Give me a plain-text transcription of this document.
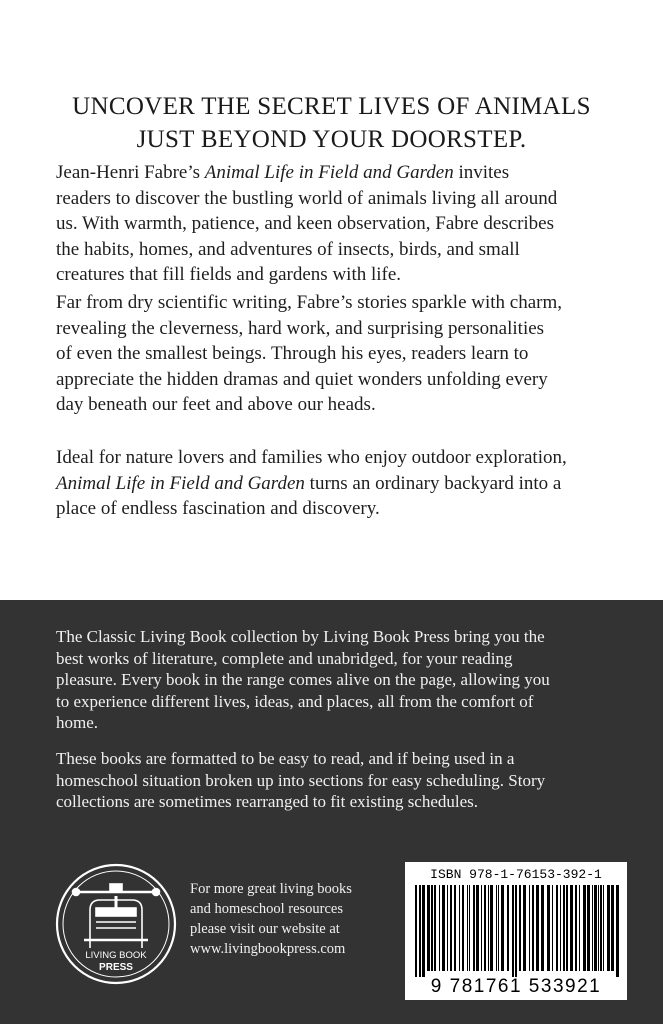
UNCOVER THE SECRET LIVES OF ANIMALS
JUST BEYOND YOUR DOORSTEP.
Jean-Henri Fabre’s Animal Life in Field and Garden invites
readers to discover the bustling world of animals living all around
us. With warmth, patience, and keen observation, Fabre describes
the habits, homes, and adventures of insects, birds, and small
creatures that fill fields and gardens with life.
Far from dry scientific writing, Fabre’s stories sparkle with charm,
revealing the cleverness, hard work, and surprising personalities
of even the smallest beings. Through his eyes, readers learn to
appreciate the hidden dramas and quiet wonders unfolding every
day beneath our feet and above our heads.
Ideal for nature lovers and families who enjoy outdoor exploration,
Animal Life in Field and Garden turns an ordinary backyard into a
place of endless fascination and discovery.
The Classic Living Book collection by Living Book Press bring you the
best works of literature, complete and unabridged, for your reading
pleasure. Every book in the range comes alive on the page, allowing you
to experience different lives, ideas, and places, all from the comfort of
home.
These books are formatted to be easy to read, and if being used in a
homeschool situation broken up into sections for easy scheduling. Story
collections are sometimes rearranged to fit existing schedules.
LIVING BOOK
PRESS
For more great living books
and homeschool resources
please visit our website at
www.livingbookpress.com
ISBN 978-1-76153-392-1
9 781761 533921
